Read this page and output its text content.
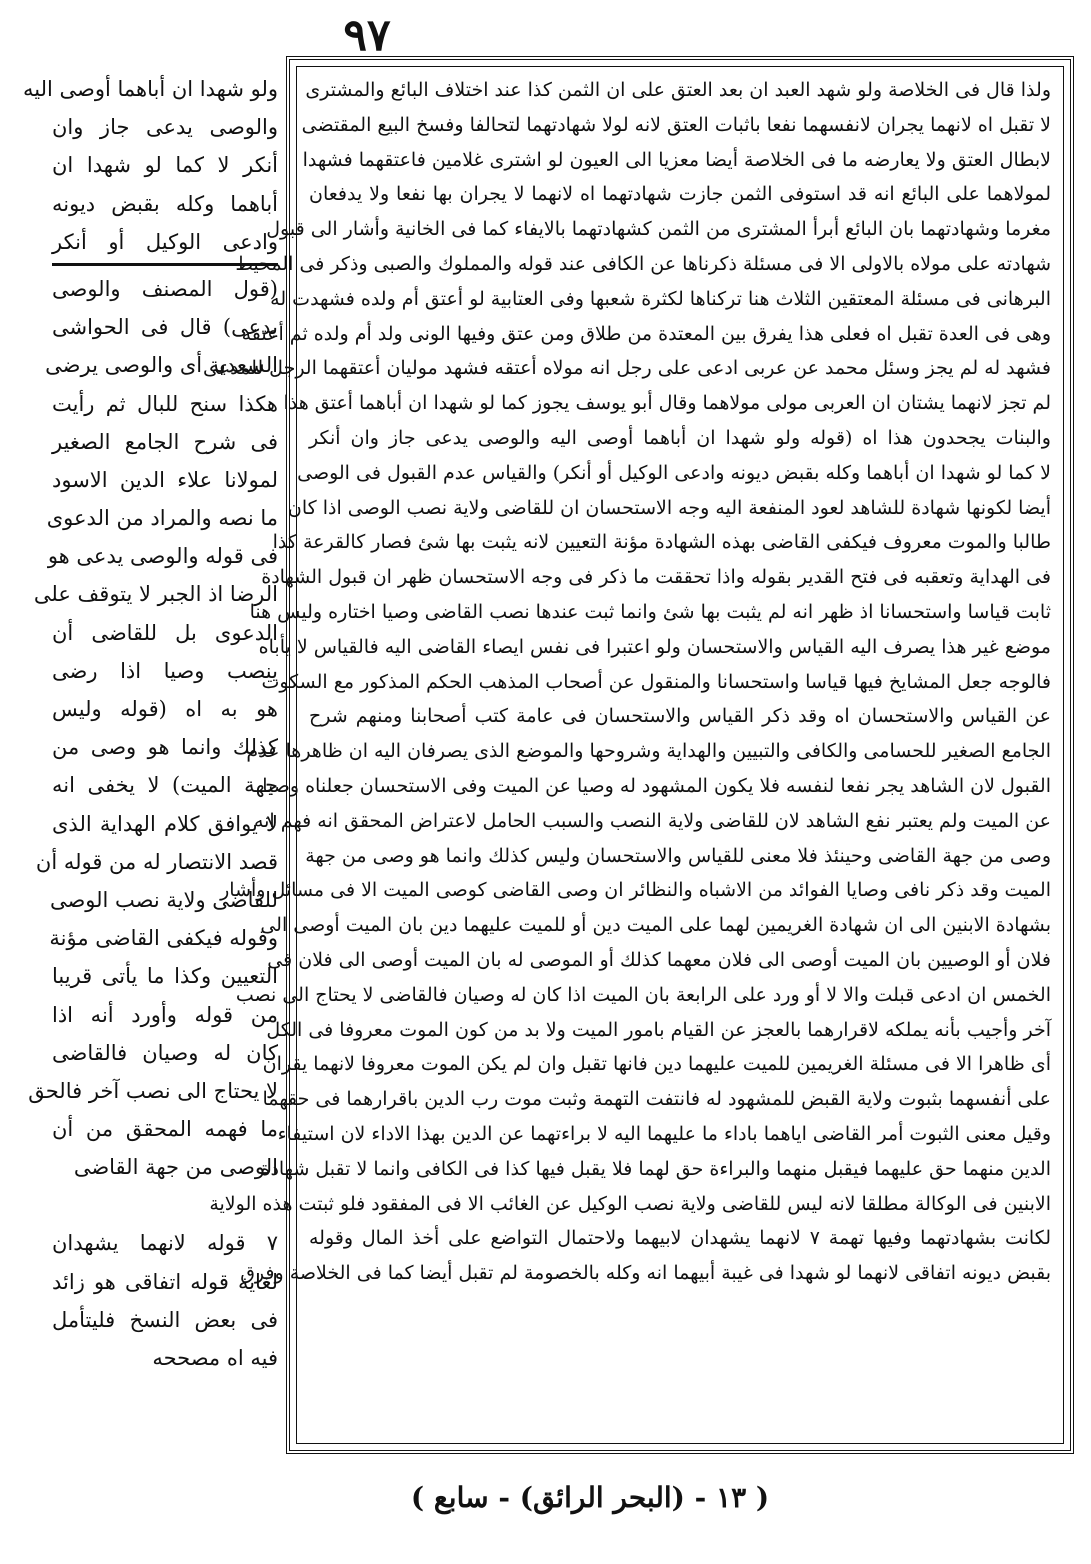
٩٧
ولذا قال فى الخلاصة ولو شهد العبد ان بعد العتق على ان الثمن كذا عند اختلاف البائع والمشترى
لا تقبل اه لانهما يجران لانفسهما نفعا باثبات العتق لانه لولا شهادتهما لتحالفا وفسخ البيع المقتضى
لابطال العتق ولا يعارضه ما فى الخلاصة أيضا معزيا الى العيون لو اشترى غلامين فاعتقهما فشهدا
لمولاهما على البائع انه قد استوفى الثمن جازت شهادتهما اه لانهما لا يجران بها نفعا ولا يدفعان
مغرما وشهادتهما بان البائع أبرأ المشترى من الثمن كشهادتهما بالايفاء كما فى الخانية وأشار الى قبول
شهادته على مولاه بالاولى الا فى مسئلة ذكرناها عن الكافى عند قوله والمملوك والصبى وذكر فى المحيط
البرهانى فى مسئلة المعتقين الثلاث هنا تركناها لكثرة شعبها وفى العتابية لو أعتق أم ولده فشهدت له
وهى فى العدة تقبل اه فعلى هذا يفرق بين المعتدة من طلاق ومن عتق وفيها الونى ولد أم ولده ثم أعتقه
فشهد له لم يجز وسئل محمد عن عربى ادعى على رجل انه مولاه أعتقه فشهد موليان أعتقهما الرجل للمدعى
لم تجز لانهما يشتان ان العربى مولى مولاهما وقال أبو يوسف يجوز كما لو شهدا ان أباهما أعتق هذا
والبنات يجحدون هذا اه (قوله ولو شهدا ان أباهما أوصى اليه والوصى يدعى جاز وان أنكر
لا كما لو شهدا ان أباهما وكله بقبض ديونه وادعى الوكيل أو أنكر) والقياس عدم القبول فى الوصى
أيضا لكونها شهادة للشاهد لعود المنفعة اليه وجه الاستحسان ان للقاضى ولاية نصب الوصى اذا كان
طالبا والموت معروف فيكفى القاضى بهذه الشهادة مؤنة التعيين لانه يثبت بها شئ فصار كالقرعة كذا
فى الهداية وتعقبه فى فتح القدير بقوله واذا تحققت ما ذكر فى وجه الاستحسان ظهر ان قبول الشهادة
ثابت قياسا واستحسانا اذ ظهر انه لم يثبت بها شئ وانما ثبت عندها نصب القاضى وصيا اختاره وليس هنا
موضع غير هذا يصرف اليه القياس والاستحسان ولو اعتبرا فى نفس ايصاء القاضى اليه فالقياس لا يأباه
فالوجه جعل المشايخ فيها قياسا واستحسانا والمنقول عن أصحاب المذهب الحكم المذكور مع السكوت
عن القياس والاستحسان اه وقد ذكر القياس والاستحسان فى عامة كتب أصحابنا ومنهم شرح
الجامع الصغير للحسامى والكافى والتبيين والهداية وشروحها والموضع الذى يصرفان اليه ان ظاهرها عدم
القبول لان الشاهد يجر نفعا لنفسه فلا يكون المشهود له وصيا عن الميت وفى الاستحسان جعلناه وصيا
عن الميت ولم يعتبر نفع الشاهد لان للقاضى ولاية النصب والسبب الحامل لاعتراض المحقق انه فهم انه
وصى من جهة القاضى وحينئذ فلا معنى للقياس والاستحسان وليس كذلك وانما هو وصى من جهة
الميت وقد ذكر نافى وصايا الفوائد من الاشباه والنظائر ان وصى القاضى كوصى الميت الا فى مسائل وأشار
بشهادة الابنين الى ان شهادة الغريمين لهما على الميت دين أو للميت عليهما دين بان الميت أوصى الى
فلان أو الوصيين بان الميت أوصى الى فلان معهما كذلك أو الموصى له بان الميت أوصى الى فلان فى
الخمس ان ادعى قبلت والا لا أو ورد على الرابعة بان الميت اذا كان له وصيان فالقاضى لا يحتاج الى نصب
آخر وأجيب بأنه يملكه لاقرارهما بالعجز عن القيام بامور الميت ولا بد من كون الموت معروفا فى الكل
أى ظاهرا الا فى مسئلة الغريمين للميت عليهما دين فانها تقبل وان لم يكن الموت معروفا لانهما يقران
على أنفسهما بثبوت ولاية القبض للمشهود له فانتفت التهمة وثبت موت رب الدين باقرارهما فى حقهما
وقيل معنى الثبوت أمر القاضى اياهما باداء ما عليهما اليه لا براءتهما عن الدين بهذا الاداء لان استيفاء
الدين منهما حق عليهما فيقبل منهما والبراءة حق لهما فلا يقبل فيها كذا فى الكافى وانما لا تقبل شهادة
الابنين فى الوكالة مطلقا لانه ليس للقاضى ولاية نصب الوكيل عن الغائب الا فى المفقود فلو ثبتت هذه الولاية
لكانت بشهادتهما وفيها تهمة ٧ لانهما يشهدان لابيهما ولاحتمال التواضع على أخذ المال وقوله
بقبض ديونه اتفاقى لانهما لو شهدا فى غيبة أبيهما انه وكله بالخصومة لم تقبل أيضا كما فى الخلاصة وفرق
ولو شهدا ان أباهما أوصى اليه
والوصى يدعى جاز وان
أنكر لا كما لو شهدا ان
أباهما وكله بقبض ديونه
وادعى الوكيل أو أنكر
(قول المصنف والوصى
يدعى) قال فى الحواشى
السعدية أى والوصى يرضى
هكذا سنح للبال ثم رأيت
فى شرح الجامع الصغير
لمولانا علاء الدين الاسود
ما نصه والمراد من الدعوى
فى قوله والوصى يدعى هو
الرضا اذ الجبر لا يتوقف على
الدعوى بل للقاضى أن
ينصب وصيا اذا رضى
هو به اه (قوله وليس
كذلك وانما هو وصى من
جهة الميت) لا يخفى انه
لا يوافق كلام الهداية الذى
قصد الانتصار له من قوله أن
للقاضى ولاية نصب الوصى
وقوله فيكفى القاضى مؤنة
التعيين وكذا ما يأتى قريبا
من قوله وأورد أنه اذا
كان له وصيان فالقاضى
لا يحتاج الى نصب آخر فالحق
ما فهمه المحقق من أن
الوصى من جهة القاضى
٧ قوله لانهما يشهدان
لغاية قوله اتفاقى هو زائد
فى بعض النسخ فليتأمل
فيه اه مصححه
( ١٣ - (البحر الرائق) - سابع )
